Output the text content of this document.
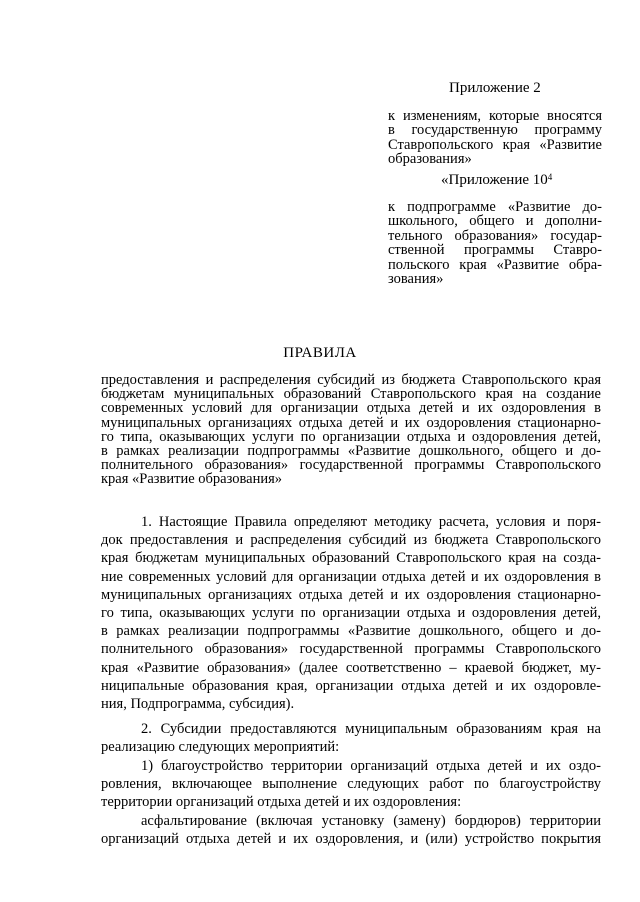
Приложение 2
к изменениям, которые вносятся
в государственную программу
Ставропольского края «Развитие
образования»
«Приложение $10^4$
к подпрограмме «Развитие до-
школьного, общего и дополни-
тельного образования» государ-
ственной программы Ставро-
польского края «Развитие обра-
зования»
ПРАВИЛА
предоставления и распределения субсидий из бюджета Ставропольского края
бюджетам муниципальных образований Ставропольского края на создание
современных условий для организации отдыха детей и их оздоровления в
муниципальных организациях отдыха детей и их оздоровления стационарно-
го типа, оказывающих услуги по организации отдыха и оздоровления детей,
в рамках реализации подпрограммы «Развитие дошкольного, общего и до-
полнительного образования» государственной программы Ставропольского
края «Развитие образования»
1. Настоящие Правила определяют методику расчета, условия и поря-
док предоставления и распределения субсидий из бюджета Ставропольского
края бюджетам муниципальных образований Ставропольского края на созда-
ние современных условий для организации отдыха детей и их оздоровления в
муниципальных организациях отдыха детей и их оздоровления стационарно-
го типа, оказывающих услуги по организации отдыха и оздоровления детей,
в рамках реализации подпрограммы «Развитие дошкольного, общего и до-
полнительного образования» государственной программы Ставропольского
края «Развитие образования» (далее соответственно – краевой бюджет, му-
ниципальные образования края, организации отдыха детей и их оздоровле-
ния, Подпрограмма, субсидия).
2. Субсидии предоставляются муниципальным образованиям края на
реализацию следующих мероприятий:
1) благоустройство территории организаций отдыха детей и их оздо-
ровления, включающее выполнение следующих работ по благоустройству
территории организаций отдыха детей и их оздоровления:
асфальтирование (включая установку (замену) бордюров) территории
организаций отдыха детей и их оздоровления, и (или) устройство покрытия
